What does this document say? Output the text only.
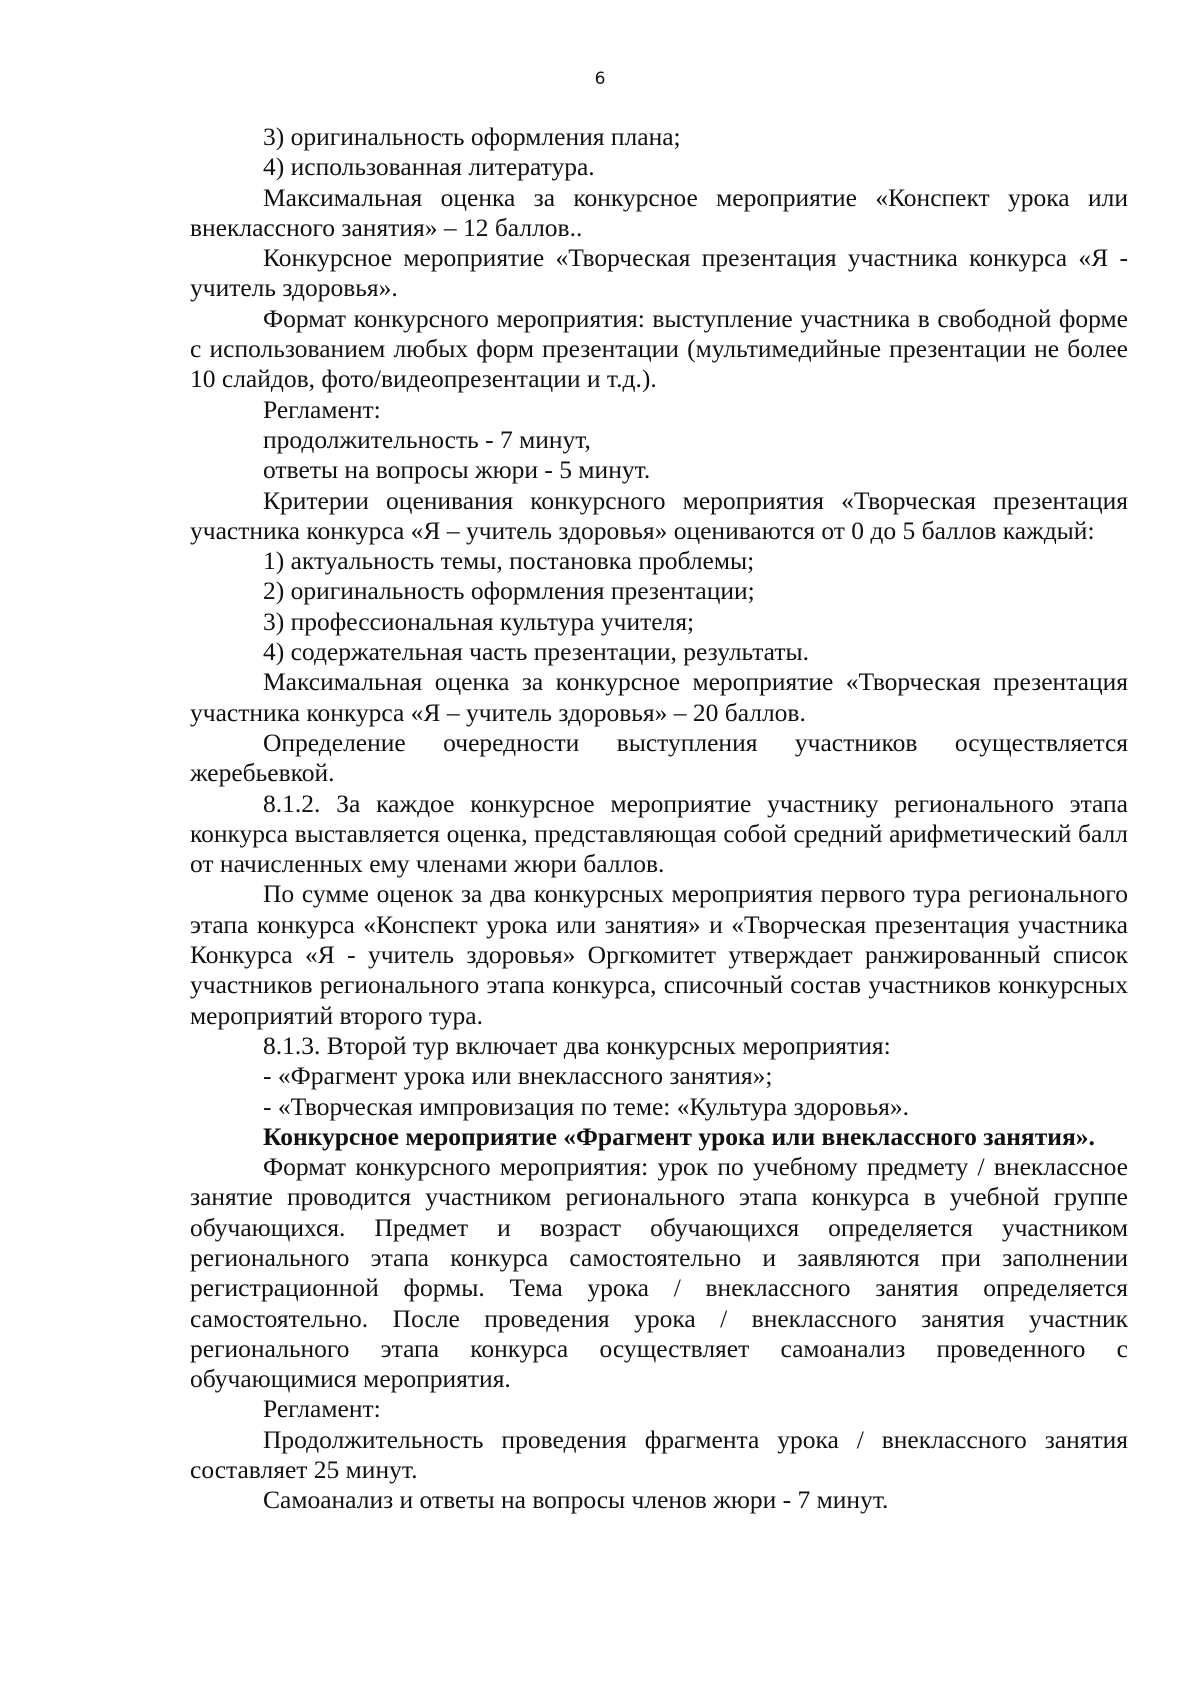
6

3) оригинальность оформления плана;

4) использованная литература.

Максимальная оценка за конкурсное мероприятие «Конспект урока или внеклассного занятия» – 12 баллов..

Конкурсное мероприятие «Творческая презентация участника конкурса «Я - учитель здоровья».

Формат конкурсного мероприятия: выступление участника в свободной форме с использованием любых форм презентации (мультимедийные презентации не более 10 слайдов, фото/видеопрезентации и т.д.).

Регламент:

продолжительность - 7 минут,

ответы на вопросы жюри - 5 минут.

Критерии оценивания конкурсного мероприятия «Творческая презентация участника конкурса «Я – учитель здоровья» оцениваются от 0 до 5 баллов каждый:

1) актуальность темы, постановка проблемы;

2) оригинальность оформления презентации;

3) профессиональная культура учителя;

4) содержательная часть презентации, результаты.

Максимальная оценка за конкурсное мероприятие «Творческая презентация участника конкурса «Я – учитель здоровья» – 20 баллов.

Определение очередности выступления участников осуществляется жеребьевкой.

8.1.2. За каждое конкурсное мероприятие участнику регионального этапа конкурса выставляется оценка, представляющая собой средний арифметический балл от начисленных ему членами жюри баллов.

По сумме оценок за два конкурсных мероприятия первого тура регионального этапа конкурса «Конспект урока или занятия» и «Творческая презентация участника Конкурса «Я - учитель здоровья» Оргкомитет утверждает ранжированный список участников регионального этапа конкурса, списочный состав участников конкурсных мероприятий второго тура.

8.1.3. Второй тур включает два конкурсных мероприятия:

- «Фрагмент урока или внеклассного занятия»;

- «Творческая импровизация по теме: «Культура здоровья».

Конкурсное мероприятие «Фрагмент урока или внеклассного занятия».

Формат конкурсного мероприятия: урок по учебному предмету / внеклассное занятие проводится участником регионального этапа конкурса в учебной группе обучающихся. Предмет и возраст обучающихся определяется участником регионального этапа конкурса самостоятельно и заявляются при заполнении регистрационной формы. Тема урока / внеклассного занятия определяется самостоятельно. После проведения урока / внеклассного занятия участник регионального этапа конкурса осуществляет самоанализ проведенного с обучающимися мероприятия.

Регламент:

Продолжительность проведения фрагмента урока / внеклассного занятия составляет 25 минут.

Самоанализ и ответы на вопросы членов жюри - 7 минут.
